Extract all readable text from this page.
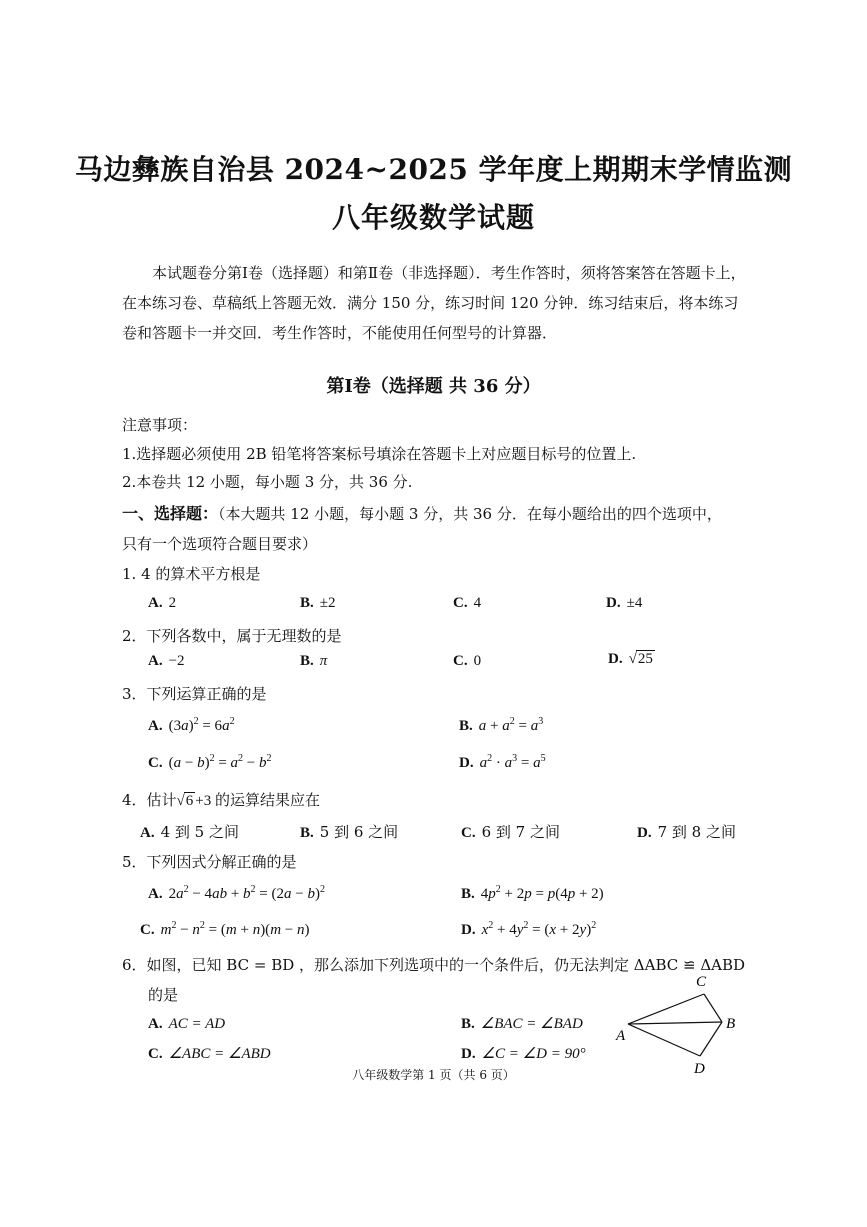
马边彝族自治县 2024~2025 学年度上期期末学情监测
八年级数学试题
本试题卷分第Ⅰ卷（选择题）和第Ⅱ卷（非选择题）．考生作答时，须将答案答在答题卡上，在本练习卷、草稿纸上答题无效．满分 150 分，练习时间 120 分钟．练习结束后，将本练习卷和答题卡一并交回．考生作答时，不能使用任何型号的计算器．
第Ⅰ卷（选择题 共 36 分）
注意事项：
1.选择题必须使用 2B 铅笔将答案标号填涂在答题卡上对应题目标号的位置上.
2.本卷共 12 小题，每小题 3 分，共 36 分.
一、选择题：（本大题共 12 小题，每小题 3 分，共 36 分．在每小题给出的四个选项中，
只有一个选项符合题目要求）
1. 4 的算术平方根是
A. 2	B. ±2	C. 4	D. ±4
2．下列各数中，属于无理数的是
A. −2	B. π	C. 0	D. √25
3．下列运算正确的是
A. $(3a)^2 = 6a^2$	B. $a + a^2 = a^3$
C. $(a - b)^2 = a^2 - b^2$	D. $a^2 \cdot a^3 = a^5$
4．估计√6 +3 的运算结果应在
A. 4 到 5 之间	B. 5 到 6 之间	C. 6 到 7 之间	D. 7 到 8 之间
5．下列因式分解正确的是
A. $2a^2 - 4ab + b^2 = (2a - b)^2$	B. $4p^2 + 2p = p(4p + 2)$
C. $m^2 - n^2 = (m + n)(m - n)$	D. $x^2 + 4y^2 = (x + 2y)^2$
6．如图，已知 BC = BD ，那么添加下列选项中的一个条件后，仍无法判定 ΔABC ≌ ΔABD
的是
A. AC = AD	B. ∠BAC = ∠BAD
C. ∠ABC = ∠ABD	D. ∠C = ∠D = 90°
C
A
B
D
八年级数学第 1 页（共 6 页）
